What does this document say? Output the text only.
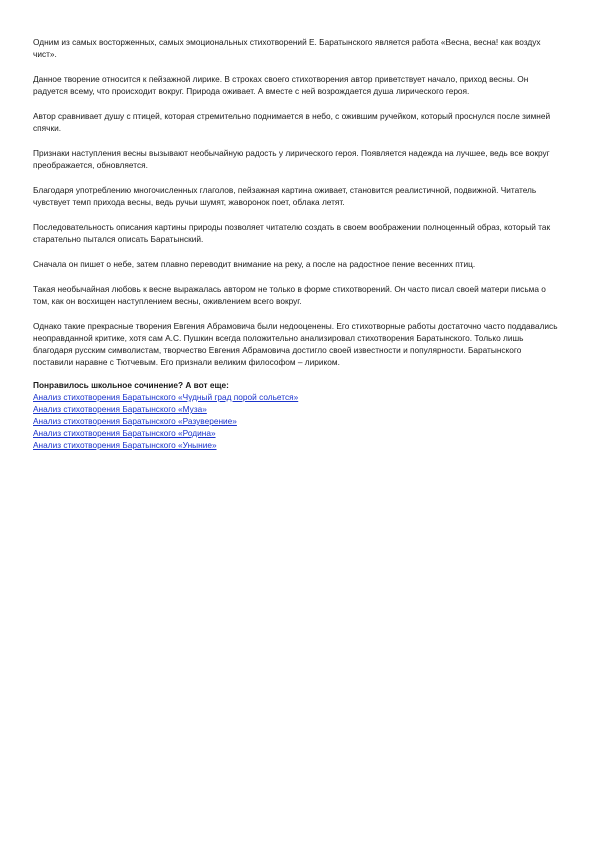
Одним из самых восторженных, самых эмоциональных стихотворений Е. Баратынского является работа «Весна, весна! как воздух чист».

Данное творение относится к пейзажной лирике. В строках своего стихотворения автор приветствует начало, приход весны. Он радуется всему, что происходит вокруг. Природа оживает. А вместе с ней возрождается душа лирического героя.

Автор сравнивает душу с птицей, которая стремительно поднимается в небо, с ожившим ручейком, который проснулся после зимней спячки.

Признаки наступления весны вызывают необычайную радость у лирического героя. Появляется надежда на лучшее, ведь все вокруг преображается, обновляется.

Благодаря употреблению многочисленных глаголов, пейзажная картина оживает, становится реалистичной, подвижной. Читатель чувствует темп прихода весны, ведь ручьи шумят, жаворонок поет, облака летят.

Последовательность описания картины природы позволяет читателю создать в своем воображении полноценный образ, который так старательно пытался описать Баратынский.

Сначала он пишет о небе, затем плавно переводит внимание на реку, а после на радостное пение весенних птиц.

Такая необычайная любовь к весне выражалась автором не только в форме стихотворений. Он часто писал своей матери письма о том, как он восхищен наступлением весны, оживлением всего вокруг.

Однако такие прекрасные творения Евгения Абрамовича были недооценены. Его стихотворные работы достаточно часто поддавались неоправданной критике, хотя сам А.С. Пушкин всегда положительно анализировал стихотворения Баратынского. Только лишь благодаря русским символистам, творчество Евгения Абрамовича достигло своей известности и популярности. Баратынского поставили наравне с Тютчевым. Его признали великим философом – лириком.

Понравилось школьное сочинение? А вот еще:

Анализ стихотворения Баратынского «Чудный град порой сольется»
Анализ стихотворения Баратынского «Муза»
Анализ стихотворения Баратынского «Разуверение»
Анализ стихотворения Баратынского «Родина»
Анализ стихотворения Баратынского «Уныние»
